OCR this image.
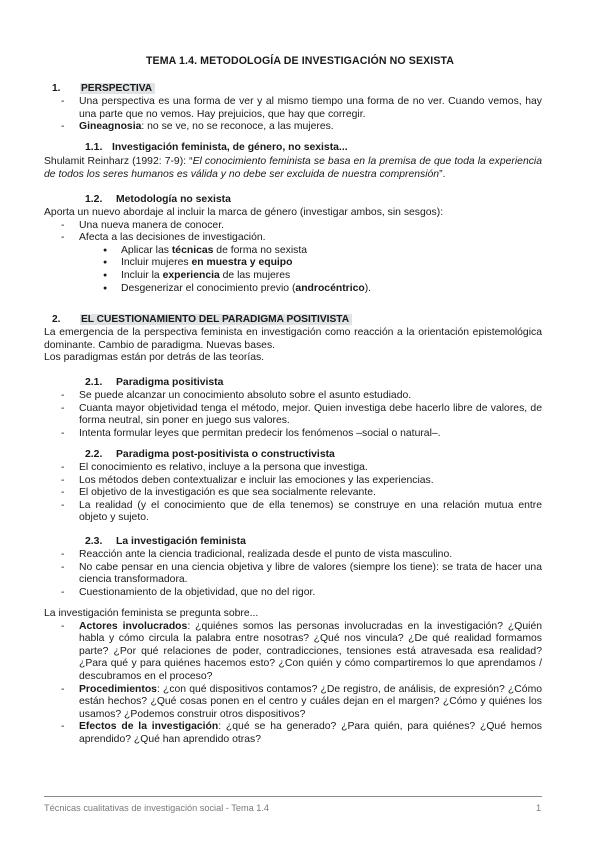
TEMA 1.4. METODOLOGÍA DE INVESTIGACIÓN NO SEXISTA
1. PERSPECTIVA
- Una perspectiva es una forma de ver y al mismo tiempo una forma de no ver. Cuando vemos, hay una parte que no vemos. Hay prejuicios, que hay que corregir.
- Gineagnosia: no se ve, no se reconoce, a las mujeres.
1.1. Investigación feminista, de género, no sexista...
Shulamit Reinharz (1992: 7-9): “El conocimiento feminista se basa en la premisa de que toda la experiencia de todos los seres humanos es válida y no debe ser excluida de nuestra comprensión”.
1.2. Metodología no sexista

Aporta un nuevo abordaje al incluir la marca de género (investigar ambos, sin sesgos):

- Una nueva manera de conocer.
- Afecta a las decisiones de investigación.
● Aplicar las técnicas de forma no sexista
● Incluir mujeres en muestra y equipo
● Incluir la experiencia de las mujeres
● Desgenerizar el conocimiento previo (androcéntrico).
2. EL CUESTIONAMIENTO DEL PARADIGMA POSITIVISTA

La emergencia de la perspectiva feminista en investigación como reacción a la orientación epistemológica dominante. Cambio de paradigma. Nuevas bases.

Los paradigmas están por detrás de las teorías.

2.1. Paradigma positivista
- Se puede alcanzar un conocimiento absoluto sobre el asunto estudiado.
- Cuanta mayor objetividad tenga el método, mejor. Quien investiga debe hacerlo libre de valores, de forma neutral, sin poner en juego sus valores.
- Intenta formular leyes que permitan predecir los fenómenos –social o natural–.
2.2. Paradigma post-positivista o constructivista
- El conocimiento es relativo, incluye a la persona que investiga.
- Los métodos deben contextualizar e incluir las emociones y las experiencias.
- El objetivo de la investigación es que sea socialmente relevante.
- La realidad (y el conocimiento que de ella tenemos) se construye en una relación mutua entre objeto y sujeto.
2.3. La investigación feminista
- Reacción ante la ciencia tradicional, realizada desde el punto de vista masculino.
- No cabe pensar en una ciencia objetiva y libre de valores (siempre los tiene): se trata de hacer una ciencia transformadora.
- Cuestionamiento de la objetividad, que no del rigor.

La investigación feminista se pregunta sobre...

- Actores involucrados: ¿quiénes somos las personas involucradas en la investigación? ¿Quién habla y cómo circula la palabra entre nosotras? ¿Qué nos vincula? ¿De qué realidad formamos parte? ¿Por qué relaciones de poder, contradicciones, tensiones está atravesada esa realidad? ¿Para qué y para quiénes hacemos esto? ¿Con quién y cómo compartiremos lo que aprendamos / descubramos en el proceso?
- Procedimientos: ¿con qué dispositivos contamos? ¿De registro, de análisis, de expresión? ¿Cómo están hechos? ¿Qué cosas ponen en el centro y cuáles dejan en el margen? ¿Cómo y quiénes los usamos? ¿Podemos construir otros dispositivos?
- Efectos de la investigación: ¿qué se ha generado? ¿Para quién, para quiénes? ¿Qué hemos aprendido? ¿Qué han aprendido otras?
Técnicas cualitativas de investigación social - Tema 1.4	1
